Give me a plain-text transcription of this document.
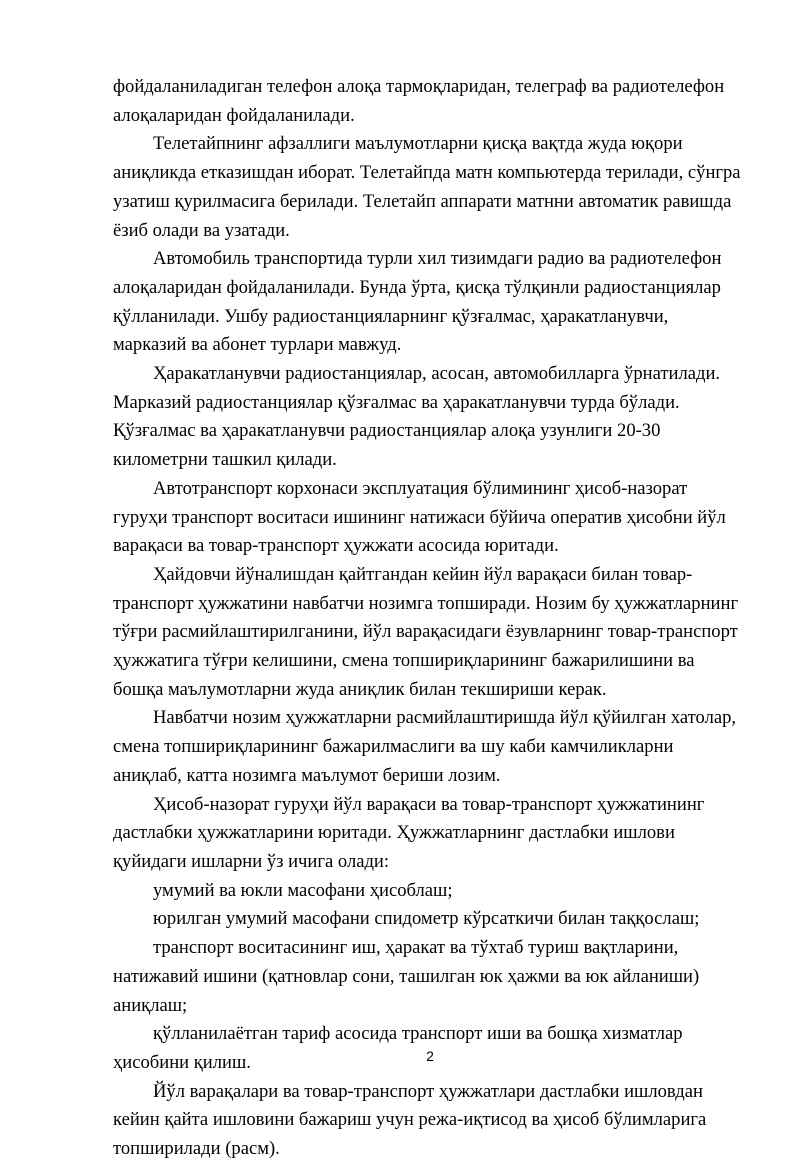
фойдаланиладиган телефон алоқа тармоқларидан, телеграф ва радиотелефон алоқаларидан фойдаланилади.

Телетайпнинг афзаллиги маълумотларни қисқа вақтда жуда юқори аниқликда етказишдан иборат. Телетайпда матн компьютерда терилади, сўнгра узатиш қурилмасига берилади. Телетайп аппарати матнни автоматик равишда ёзиб олади ва узатади.

Автомобиль транспортида турли хил тизимдаги радио ва радиотелефон алоқаларидан фойдаланилади. Бунда ўрта, қисқа тўлқинли радиостанциялар қўлланилади. Ушбу радиостанцияларнинг қўзғалмас, ҳаракатланувчи, марказий ва абонет турлари мавжуд.

Ҳаракатланувчи радиостанциялар, асосан, автомобилларга ўрнатилади. Марказий радиостанциялар қўзғалмас ва ҳаракатланувчи турда бўлади. Қўзғалмас ва ҳаракатланувчи радиостанциялар алоқа узунлиги 20-30 километрни ташкил қилади.

Автотранспорт корхонаси эксплуатация бўлимининг ҳисоб-назорат гуруҳи транспорт воситаси ишининг натижаси бўйича оператив ҳисобни йўл варақаси ва товар-транспорт ҳужжати асосида юритади.

Ҳайдовчи йўналишдан қайтгандан кейин йўл варақаси билан товар-транспорт ҳужжатини навбатчи нозимга топширади. Нозим бу ҳужжатларнинг тўғри расмийлаштирилганини, йўл варақасидаги ёзувларнинг товар-транспорт ҳужжатига тўғри келишини, смена топшириқларининг бажарилишини ва бошқа маълумотларни жуда аниқлик билан текшириши керак.

Навбатчи нозим ҳужжатларни расмийлаштиришда йўл қўйилган хатолар, смена топшириқларининг бажарилмаслиги ва шу каби камчиликларни аниқлаб, катта нозимга маълумот бериши лозим.

Ҳисоб-назорат гуруҳи йўл варақаси ва товар-транспорт ҳужжатининг дастлабки ҳужжатларини юритади. Ҳужжатларнинг дастлабки ишлови қуйидаги ишларни ўз ичига олади:

умумий ва юкли масофани ҳисоблаш;

юрилган умумий масофани спидометр кўрсаткичи билан таққослаш;

транспорт воситасининг иш, ҳаракат ва тўхтаб туриш вақтларини, натижавий ишини (қатновлар сони, ташилган юк ҳажми ва юк айланиши) аниқлаш;

қўлланилаётган тариф асосида транспорт иши ва бошқа хизматлар ҳисобини қилиш.

Йўл варақалари ва товар-транспорт ҳужжатлари дастлабки ишловдан кейин қайта ишловини бажариш учун режа-иқтисод ва ҳисоб бўлимларига топширилади (расм).

2
